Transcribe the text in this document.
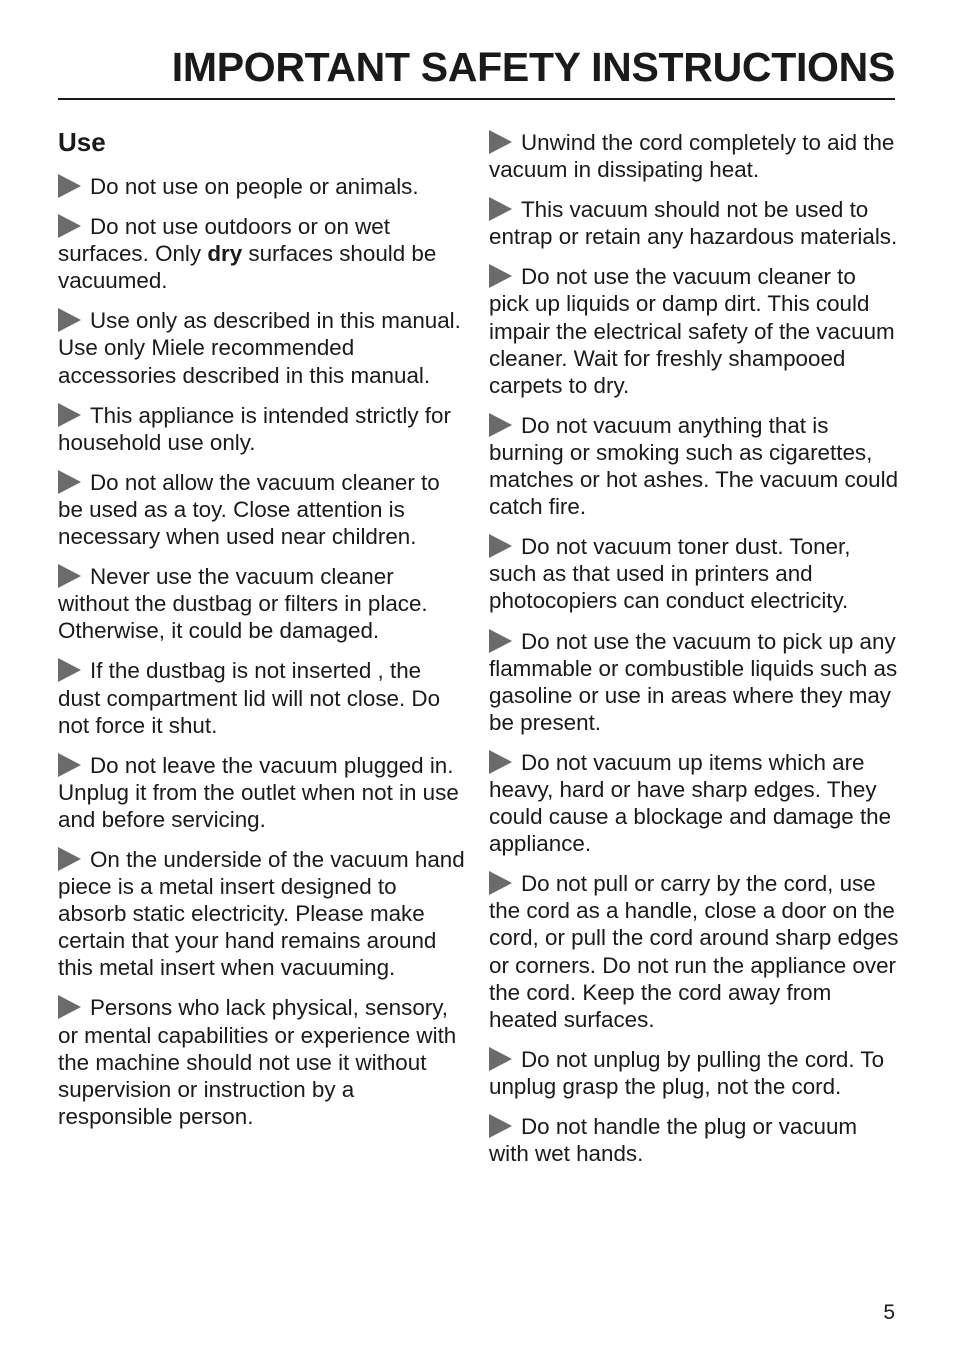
IMPORTANT SAFETY INSTRUCTIONS
Use

Do not use on people or animals.

Do not use outdoors or on wet surfaces. Only dry surfaces should be vacuumed.

Use only as described in this manual. Use only Miele recommended accessories described in this manual.

This appliance is intended strictly for household use only.

Do not allow the vacuum cleaner to be used as a toy. Close attention is necessary when used near children.

Never use the vacuum cleaner without the dustbag or filters in place. Otherwise, it could be damaged.

If the dustbag is not inserted , the dust compartment lid will not close. Do not force it shut.

Do not leave the vacuum plugged in. Unplug it from the outlet when not in use and before servicing.

On the underside of the vacuum hand piece is a metal insert designed to absorb static electricity. Please make certain that your hand remains around this metal insert when vacuuming.

Persons who lack physical, sensory, or mental capabilities or experience with the machine should not use it without supervision or instruction by a responsible person.

Unwind the cord completely to aid the vacuum in dissipating heat.

This vacuum should not be used to entrap or retain any hazardous materials.

Do not use the vacuum cleaner to pick up liquids or damp dirt. This could impair the electrical safety of the vacuum cleaner. Wait for freshly shampooed carpets to dry.

Do not vacuum anything that is burning or smoking such as cigarettes, matches or hot ashes. The vacuum could catch fire.

Do not vacuum toner dust. Toner, such as that used in printers and photocopiers can conduct electricity.

Do not use the vacuum to pick up any flammable or combustible liquids such as gasoline or use in areas where they may be present.

Do not vacuum up items which are heavy, hard or have sharp edges. They could cause a blockage and damage the appliance.

Do not pull or carry by the cord, use the cord as a handle, close a door on the cord, or pull the cord around sharp edges or corners. Do not run the appliance over the cord. Keep the cord away from heated surfaces.

Do not unplug by pulling the cord. To unplug grasp the plug, not the cord.

Do not handle the plug or vacuum with wet hands.

5
